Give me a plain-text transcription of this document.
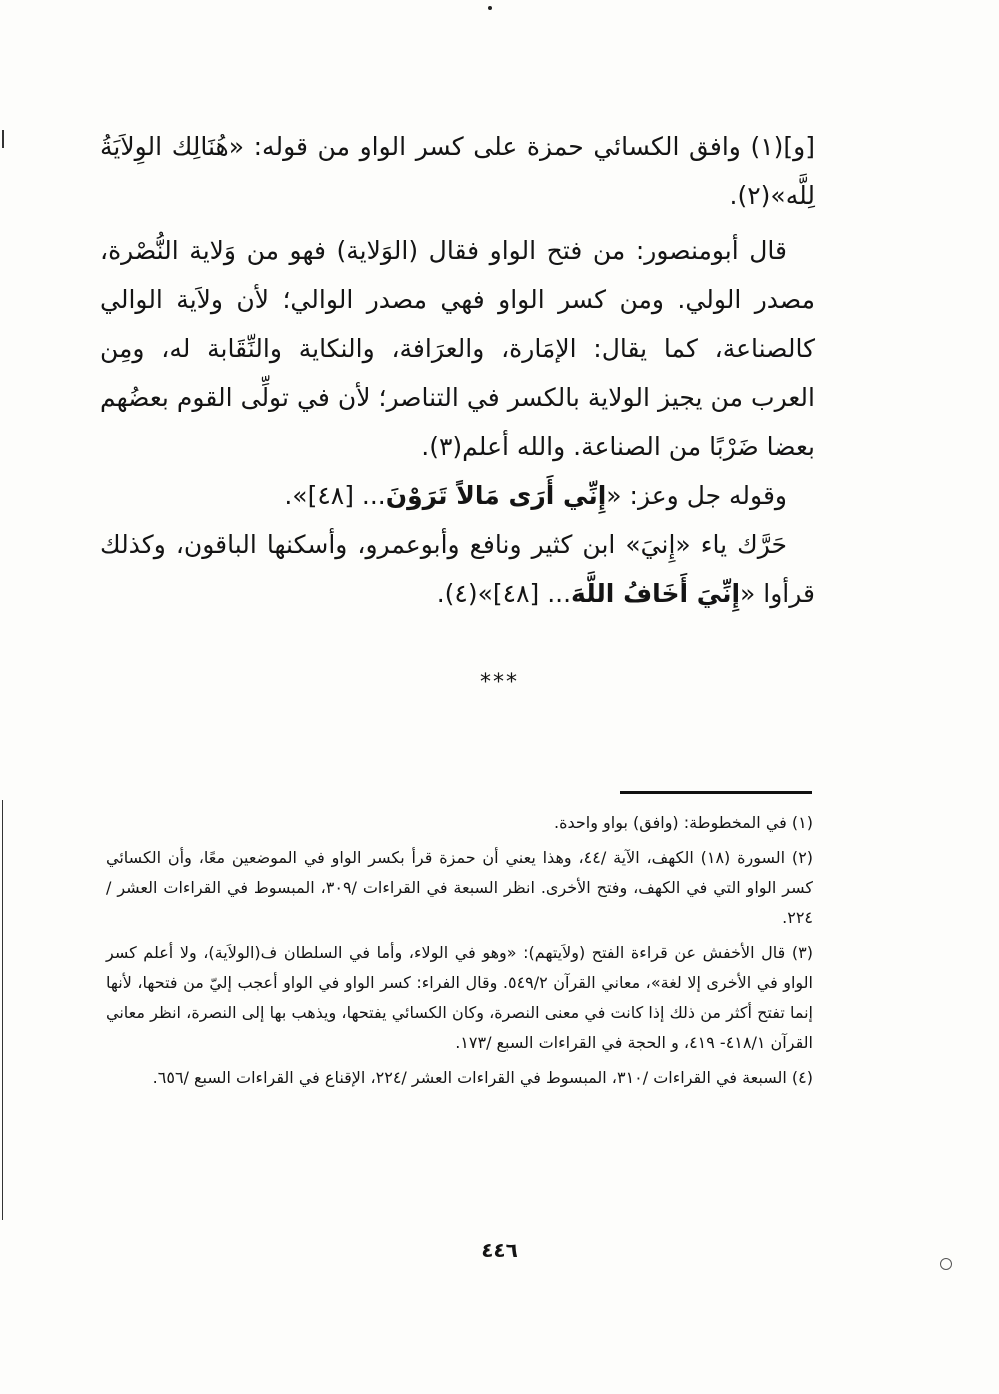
[و](١) وافق الكسائي حمزة على كسر الواو من قوله: «هُنَالِك الوِلاَيَةُ لِلَّه»(٢).

قال أبومنصور: من فتح الواو فقال (الوَلاية) فهو من وَلاية النُّصْرة، مصدر الولي. ومن كسر الواو فهي مصدر الوالي؛ لأن ولاَية الوالي كالصناعة، كما يقال: الإمَارة، والعرَافة، والنكاية والنِّقَابة له، ومِن العرب من يجيز الولاية بالكسر في التناصر؛ لأن في تولِّى القوم بعضُهم بعضا ضَرْبًا من الصناعة. والله أعلم(٣).

وقوله جل وعز: «إِنِّي أَرَى مَالاً تَرَوْنَ... [٤٨]».

حَرَّك ياء «إِنيَ» ابن كثير ونافع وأبوعمرو، وأسكنها الباقون، وكذلك قرأوا «إِنِّيَ أَخَافُ اللَّهَ... [٤٨]»(٤).

***

(١) في المخطوطة: (وافق) بواو واحدة.

(٢) السورة (١٨) الكهف، الآية /٤٤، وهذا يعني أن حمزة قرأ بكسر الواو في الموضعين معًا، وأن الكسائي كسر الواو التي في الكهف، وفتح الأخرى. انظر السبعة في القراءات /٣٠٩، المبسوط في القراءات العشر /٢٢٤.

(٣) قال الأخفش عن قراءة الفتح (ولاَيتهم): «وهو في الولاء، وأما في السلطان ف(الولاَية)، ولا أعلم كسر الواو في الأخرى إلا لغة»، معاني القرآن ٥٤٩/٢. وقال الفراء: كسر الواو في الواو أعجب إليّ من فتحها، لأنها إنما تفتح أكثر من ذلك إذا كانت في معنى النصرة، وكان الكسائي يفتحها، ويذهب بها إلى النصرة، انظر معاني القرآن ٤١٨/١- ٤١٩، و الحجة في القراءات السبع /١٧٣.

(٤) السبعة في القراءات /٣١٠، المبسوط في القراءات العشر /٢٢٤، الإقناع في القراءات السبع /٦٥٦.

٤٤٦
